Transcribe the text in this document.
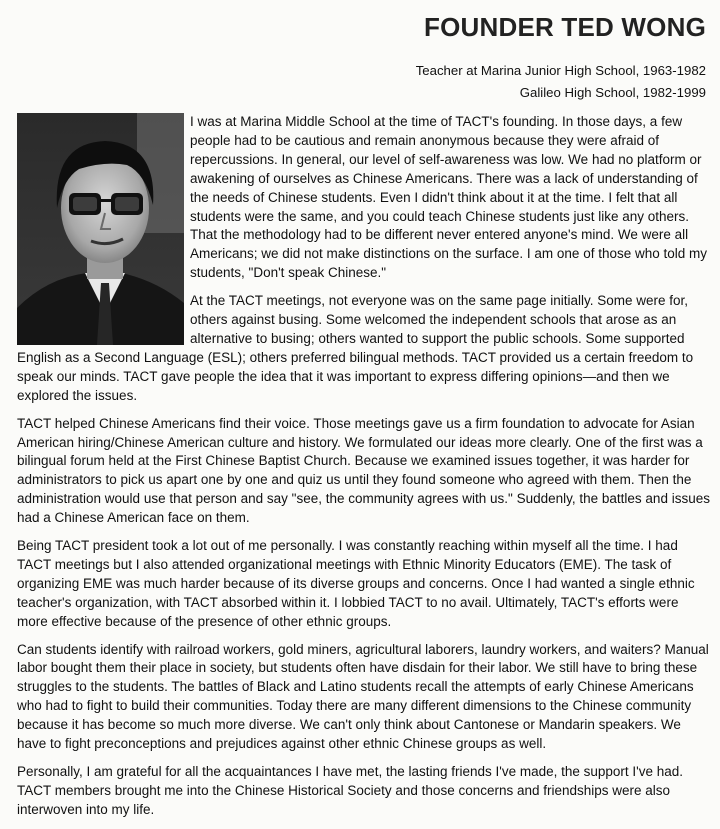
FOUNDER TED WONG
Teacher at Marina Junior High School, 1963-1982
Galileo High School, 1982-1999

I was at Marina Middle School at the time of TACT's founding. In those days, a few people had to be cautious and remain anonymous because they were afraid of repercussions. In general, our level of self-awareness was low. We had no platform or awakening of ourselves as Chinese Americans. There was a lack of understanding of the needs of Chinese students. Even I didn't think about it at the time. I felt that all students were the same, and you could teach Chinese students just like any others. That the methodology had to be different never entered anyone's mind. We were all Americans; we did not make distinctions on the surface. I am one of those who told my students, "Don't speak Chinese."

At the TACT meetings, not everyone was on the same page initially. Some were for, others against busing. Some welcomed the independent schools that arose as an alternative to busing; others wanted to support the public schools. Some supported English as a Second Language (ESL); others preferred bilingual methods. TACT provided us a certain freedom to speak our minds. TACT gave people the idea that it was important to express differing opinions—and then we explored the issues.

TACT helped Chinese Americans find their voice. Those meetings gave us a firm foundation to advocate for Asian American hiring/Chinese American culture and history. We formulated our ideas more clearly. One of the first was a bilingual forum held at the First Chinese Baptist Church. Because we examined issues together, it was harder for administrators to pick us apart one by one and quiz us until they found someone who agreed with them. Then the administration would use that person and say "see, the community agrees with us." Suddenly, the battles and issues had a Chinese American face on them.

Being TACT president took a lot out of me personally. I was constantly reaching within myself all the time. I had TACT meetings but I also attended organizational meetings with Ethnic Minority Educators (EME). The task of organizing EME was much harder because of its diverse groups and concerns. Once I had wanted a single ethnic teacher's organization, with TACT absorbed within it. I lobbied TACT to no avail. Ultimately, TACT's efforts were more effective because of the presence of other ethnic groups.

Can students identify with railroad workers, gold miners, agricultural laborers, laundry workers, and waiters? Manual labor bought them their place in society, but students often have disdain for their labor. We still have to bring these struggles to the students. The battles of Black and Latino students recall the attempts of early Chinese Americans who had to fight to build their communities. Today there are many different dimensions to the Chinese community because it has become so much more diverse. We can't only think about Cantonese or Mandarin speakers. We have to fight preconceptions and prejudices against other ethnic Chinese groups as well.

Personally, I am grateful for all the acquaintances I have met, the lasting friends I've made, the support I've had. TACT members brought me into the Chinese Historical Society and those concerns and friendships were also interwoven into my life.
